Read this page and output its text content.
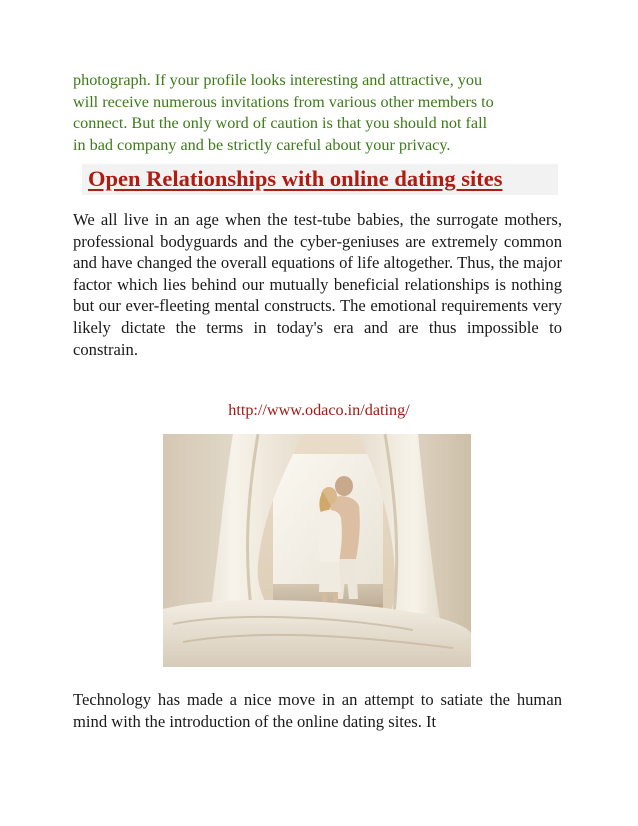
photograph. If your profile looks interesting and attractive, you
will receive numerous invitations from various other members to
connect. But the only word of caution is that you should not fall
in bad company and be strictly careful about your privacy.

Open Relationships with online dating sites

We all live in an age when the test-tube babies, the surrogate mothers, professional bodyguards and the cyber-geniuses are extremely common and have changed the overall equations of life altogether. Thus, the major factor which lies behind our mutually beneficial relationships is nothing but our ever-fleeting mental constructs. The emotional requirements very likely dictate the terms in today's era and are thus impossible to constrain.

http://www.odaco.in/dating/

Technology has made a nice move in an attempt to satiate the human mind with the introduction of the online dating sites. It
